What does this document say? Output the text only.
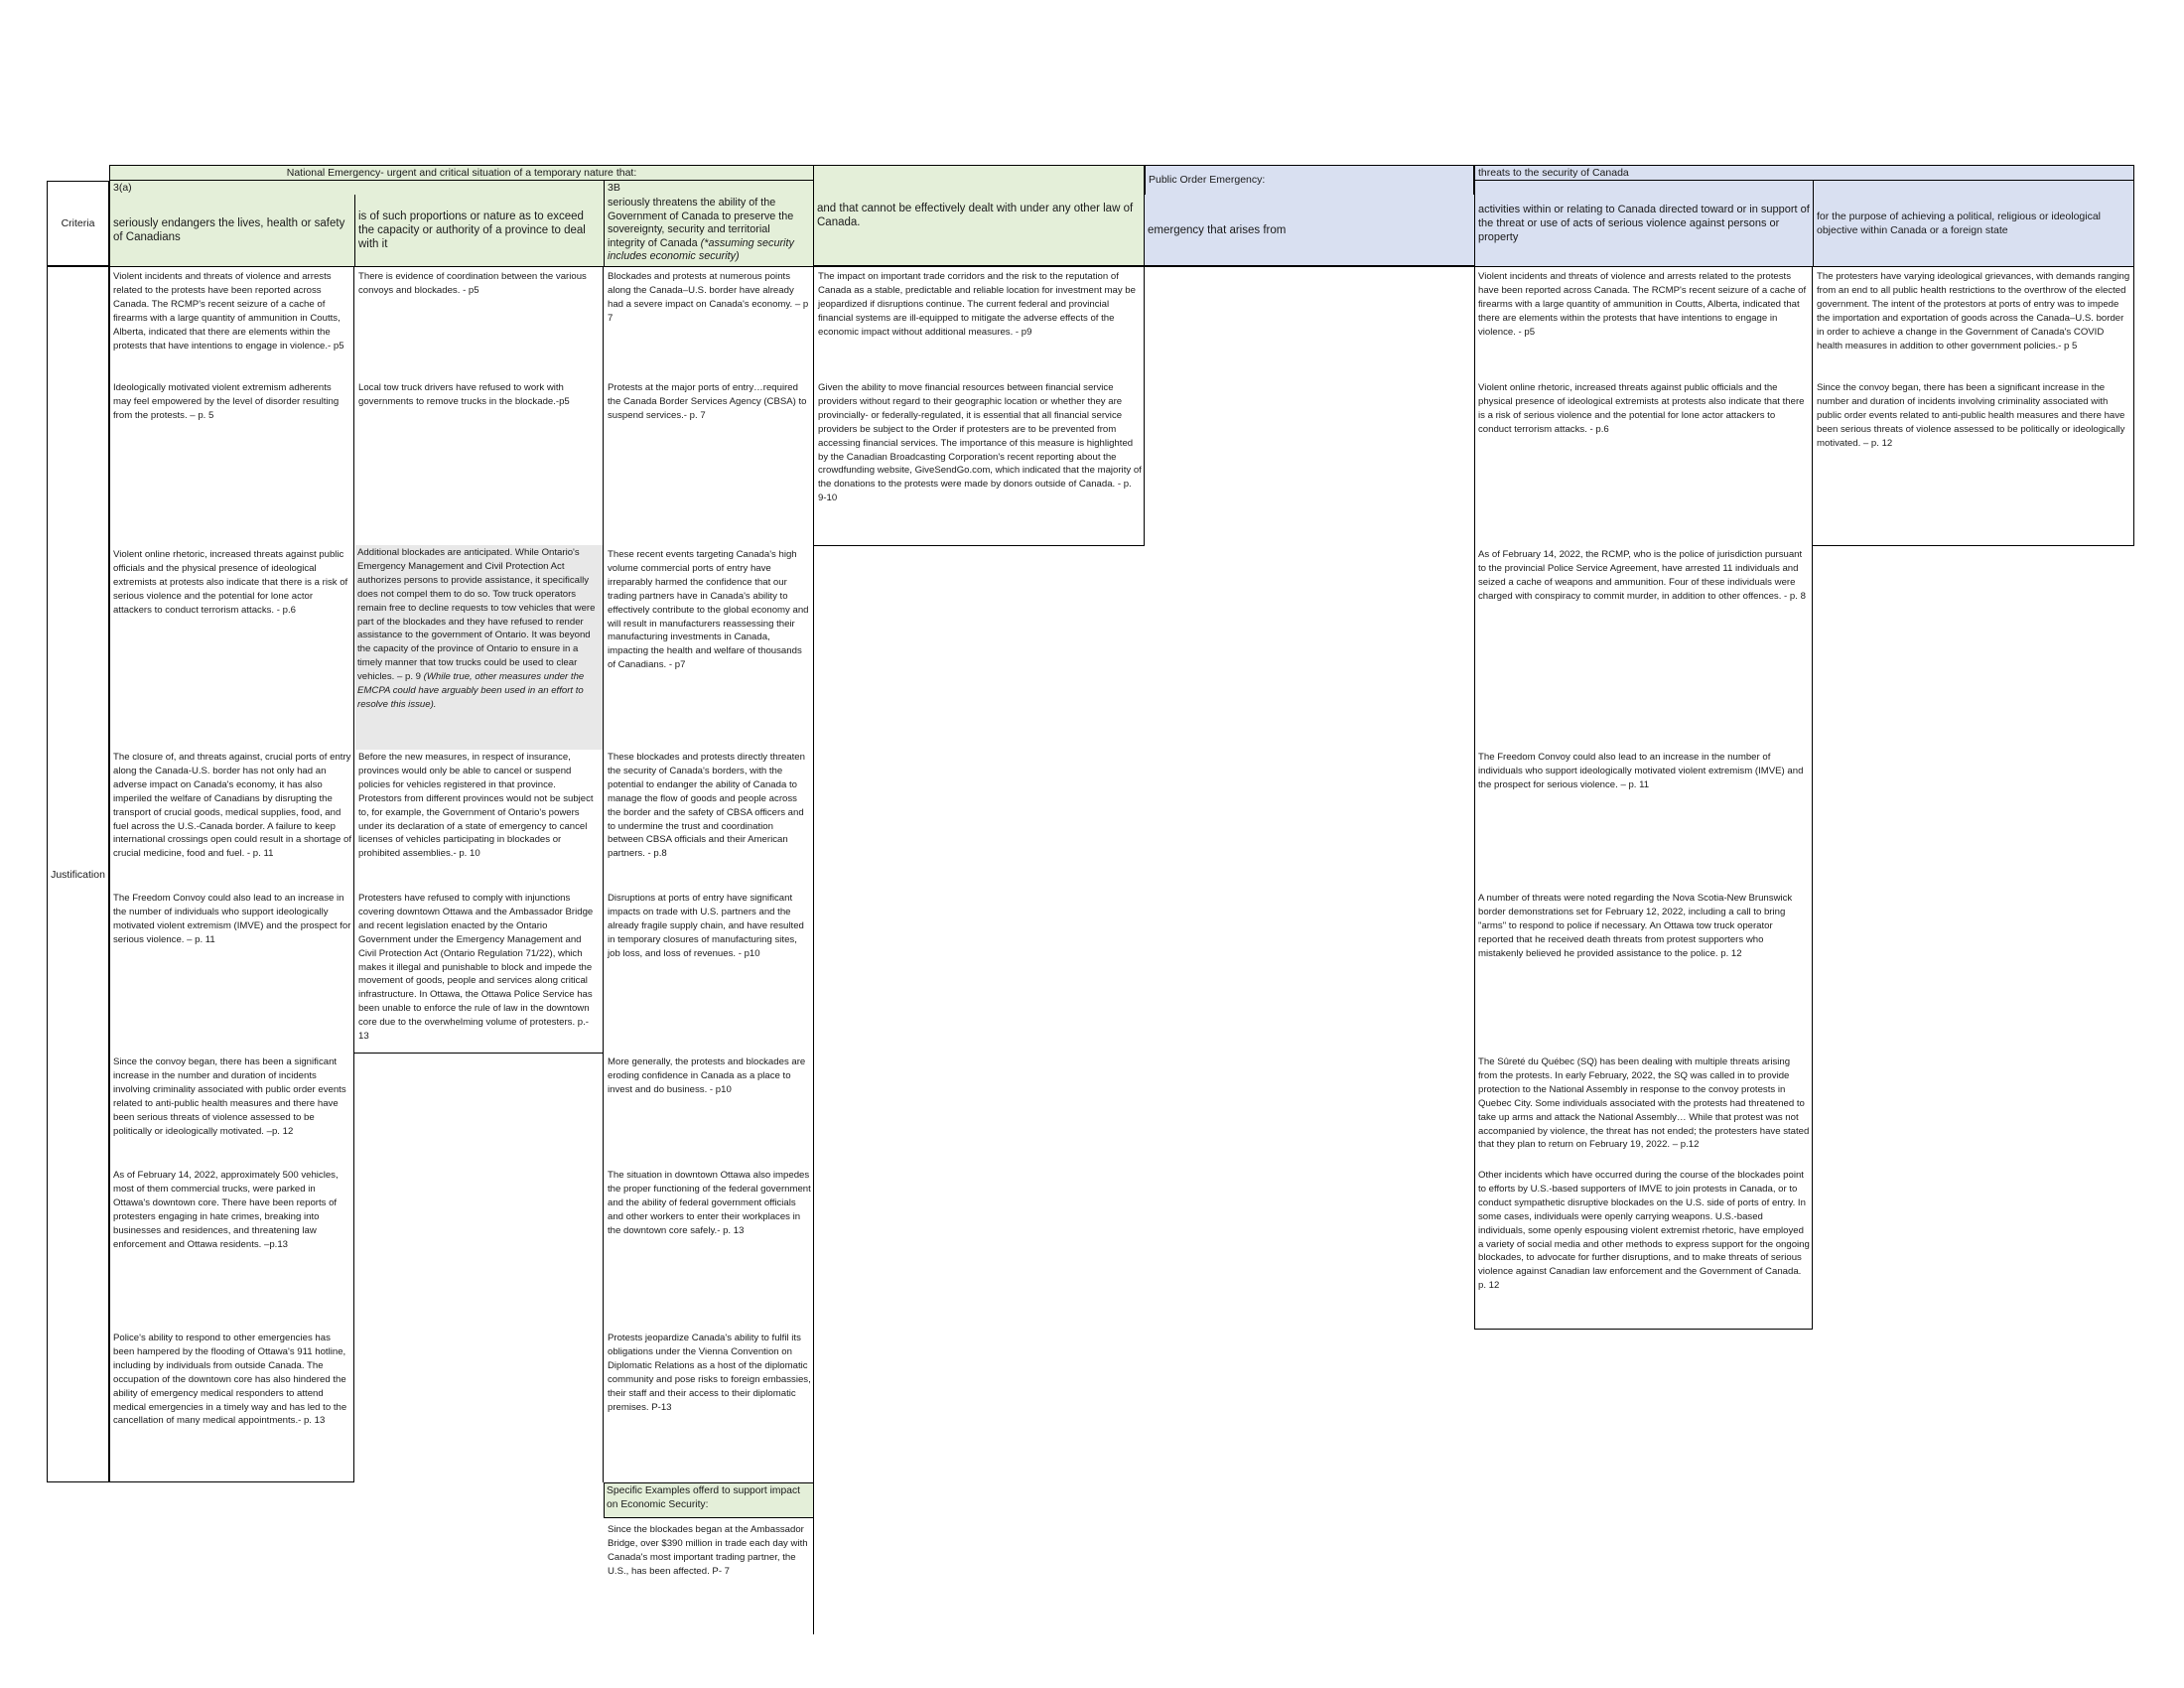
National Emergency- urgent and critical situation of a temporary nature that:
Public Order Emergency:
threats to the security of Canada
3(a)	3B
Criteria	seriously endangers the lives, health or safety of Canadians
is of such proportions or nature as to exceed the capacity or authority of a province to deal with it
seriously threatens the ability of the Government of Canada to preserve the sovereignty, security and territorial integrity of Canada (*assuming security includes economic security)
and that cannot be effectively dealt with under any other law of Canada.
emergency that arises from
activities within or relating to Canada directed toward or in support of the threat or use of acts of serious violence against persons or property
for the purpose of achieving a political, religious or ideological objective within Canada or a foreign state
Justification
Violent incidents and threats of violence and arrests related to the protests have been reported across Canada. The RCMP's recent seizure of a cache of firearms with a large quantity of ammunition in Coutts, Alberta, indicated that there are elements within the protests that have intentions to engage in violence.- p5
Ideologically motivated violent extremism adherents may feel empowered by the level of disorder resulting from the protests. – p. 5
Violent online rhetoric, increased threats against public officials and the physical presence of ideological extremists at protests also indicate that there is a risk of serious violence and the potential for lone actor attackers to conduct terrorism attacks. - p.6
The closure of, and threats against, crucial ports of entry along the Canada-U.S. border has not only had an adverse impact on Canada's economy, it has also imperiled the welfare of Canadians by disrupting the transport of crucial goods, medical supplies, food, and fuel across the U.S.-Canada border. A failure to keep international crossings open could result in a shortage of crucial medicine, food and fuel. - p. 11
The Freedom Convoy could also lead to an increase in the number of individuals who support ideologically motivated violent extremism (IMVE) and the prospect for serious violence. – p. 11
Since the convoy began, there has been a significant increase in the number and duration of incidents involving criminality associated with public order events related to anti-public health measures and there have been serious threats of violence assessed to be politically or ideologically motivated. –p. 12
As of February 14, 2022, approximately 500 vehicles, most of them commercial trucks, were parked in Ottawa's downtown core. There have been reports of protesters engaging in hate crimes, breaking into businesses and residences, and threatening law enforcement and Ottawa residents. –p.13
Police's ability to respond to other emergencies has been hampered by the flooding of Ottawa's 911 hotline, including by individuals from outside Canada. The occupation of the downtown core has also hindered the ability of emergency medical responders to attend medical emergencies in a timely way and has led to the cancellation of many medical appointments.- p. 13
There is evidence of coordination between the various convoys and blockades. - p5
Local tow truck drivers have refused to work with governments to remove trucks in the blockade.-p5
Additional blockades are anticipated. While Ontario's Emergency Management and Civil Protection Act authorizes persons to provide assistance, it specifically does not compel them to do so. Tow truck operators remain free to decline requests to tow vehicles that were part of the blockades and they have refused to render assistance to the government of Ontario. It was beyond the capacity of the province of Ontario to ensure in a timely manner that tow trucks could be used to clear vehicles. – p. 9 (While true, other measures under the EMCPA could have arguably been used in an effort to resolve this issue).
Before the new measures, in respect of insurance, provinces would only be able to cancel or suspend policies for vehicles registered in that province. Protestors from different provinces would not be subject to, for example, the Government of Ontario's powers under its declaration of a state of emergency to cancel licenses of vehicles participating in blockades or prohibited assemblies.- p. 10
Protesters have refused to comply with injunctions covering downtown Ottawa and the Ambassador Bridge and recent legislation enacted by the Ontario Government under the Emergency Management and Civil Protection Act (Ontario Regulation 71/22), which makes it illegal and punishable to block and impede the movement of goods, people and services along critical infrastructure. In Ottawa, the Ottawa Police Service has been unable to enforce the rule of law in the downtown core due to the overwhelming volume of protesters. p.- 13
Blockades and protests at numerous points along the Canada–U.S. border have already had a severe impact on Canada's economy. – p 7
Protests at the major ports of entry…required the Canada Border Services Agency (CBSA) to suspend services.- p. 7
These recent events targeting Canada's high volume commercial ports of entry have irreparably harmed the confidence that our trading partners have in Canada's ability to effectively contribute to the global economy and will result in manufacturers reassessing their manufacturing investments in Canada, impacting the health and welfare of thousands of Canadians. - p7
These blockades and protests directly threaten the security of Canada's borders, with the potential to endanger the ability of Canada to manage the flow of goods and people across the border and the safety of CBSA officers and to undermine the trust and coordination between CBSA officials and their American partners. - p.8
Disruptions at ports of entry have significant impacts on trade with U.S. partners and the already fragile supply chain, and have resulted in temporary closures of manufacturing sites, job loss, and loss of revenues. - p10
More generally, the protests and blockades are eroding confidence in Canada as a place to invest and do business. - p10
The situation in downtown Ottawa also impedes the proper functioning of the federal government and the ability of federal government officials and other workers to enter their workplaces in the downtown core safely.- p. 13
Protests jeopardize Canada's ability to fulfil its obligations under the Vienna Convention on Diplomatic Relations as a host of the diplomatic community and pose risks to foreign embassies, their staff and their access to their diplomatic premises. P-13
Specific Examples offerd to support impact on Economic Security:
Since the blockades began at the Ambassador Bridge, over $390 million in trade each day with Canada's most important trading partner, the U.S., has been affected. P- 7
The impact on important trade corridors and the risk to the reputation of Canada as a stable, predictable and reliable location for investment may be jeopardized if disruptions continue. The current federal and provincial financial systems are ill-equipped to mitigate the adverse effects of the economic impact without additional measures. - p9
Given the ability to move financial resources between financial service providers without regard to their geographic location or whether they are provincially- or federally-regulated, it is essential that all financial service providers be subject to the Order if protesters are to be prevented from accessing financial services. The importance of this measure is highlighted by the Canadian Broadcasting Corporation's recent reporting about the crowdfunding website, GiveSendGo.com, which indicated that the majority of the donations to the protests were made by donors outside of Canada. - p. 9-10
Violent incidents and threats of violence and arrests related to the protests have been reported across Canada. The RCMP's recent seizure of a cache of firearms with a large quantity of ammunition in Coutts, Alberta, indicated that there are elements within the protests that have intentions to engage in violence. - p5
Violent online rhetoric, increased threats against public officials and the physical presence of ideological extremists at protests also indicate that there is a risk of serious violence and the potential for lone actor attackers to conduct terrorism attacks. - p.6
As of February 14, 2022, the RCMP, who is the police of jurisdiction pursuant to the provincial Police Service Agreement, have arrested 11 individuals and seized a cache of weapons and ammunition. Four of these individuals were charged with conspiracy to commit murder, in addition to other offences. - p. 8
The Freedom Convoy could also lead to an increase in the number of individuals who support ideologically motivated violent extremism (IMVE) and the prospect for serious violence. – p. 11
A number of threats were noted regarding the Nova Scotia-New Brunswick border demonstrations set for February 12, 2022, including a call to bring "arms" to respond to police if necessary. An Ottawa tow truck operator reported that he received death threats from protest supporters who mistakenly believed he provided assistance to the police. p. 12
The Sûreté du Québec (SQ) has been dealing with multiple threats arising from the protests. In early February, 2022, the SQ was called in to provide protection to the National Assembly in response to the convoy protests in Quebec City. Some individuals associated with the protests had threatened to take up arms and attack the National Assembly… While that protest was not accompanied by violence, the threat has not ended; the protesters have stated that they plan to return on February 19, 2022. – p.12
Other incidents which have occurred during the course of the blockades point to efforts by U.S.-based supporters of IMVE to join protests in Canada, or to conduct sympathetic disruptive blockades on the U.S. side of ports of entry. In some cases, individuals were openly carrying weapons. U.S.-based individuals, some openly espousing violent extremist rhetoric, have employed a variety of social media and other methods to express support for the ongoing blockades, to advocate for further disruptions, and to make threats of serious violence against Canadian law enforcement and the Government of Canada. p. 12
The protesters have varying ideological grievances, with demands ranging from an end to all public health restrictions to the overthrow of the elected government. The intent of the protestors at ports of entry was to impede the importation and exportation of goods across the Canada–U.S. border in order to achieve a change in the Government of Canada's COVID health measures in addition to other government policies.- p 5
Since the convoy began, there has been a significant increase in the number and duration of incidents involving criminality associated with public order events related to anti-public health measures and there have been serious threats of violence assessed to be politically or ideologically motivated. – p. 12
